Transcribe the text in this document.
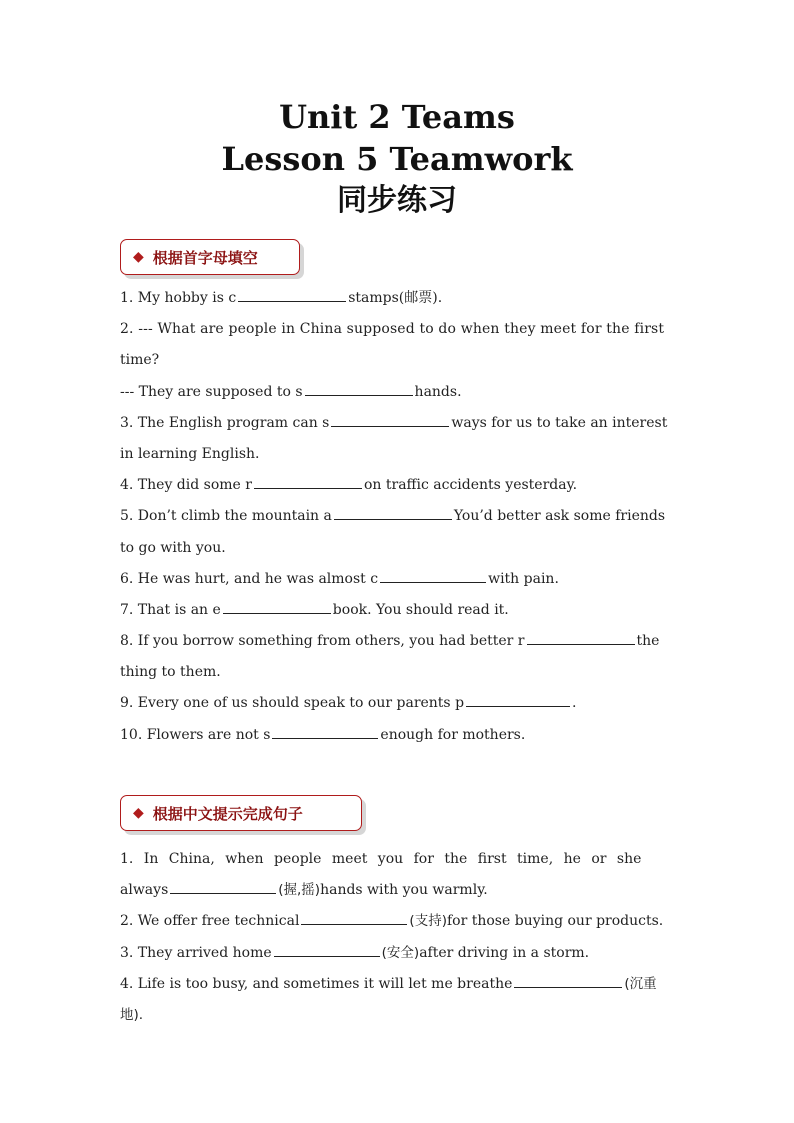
Unit 2 Teams
Lesson 5 Teamwork
同步练习
◆ 根据首字母填空
1. My hobby is c	stamps(邮票).
2. --- What are people in China supposed to do when they meet for the first
time?
--- They are supposed to s	hands.
3. The English program can s	ways for us to take an interest
in learning English.
4. They did some r	on traffic accidents yesterday.
5. Don’t climb the mountain a	You’d better ask some friends
to go with you.
6. He was hurt, and he was almost c	with pain.
7. That is an e	book. You should read it.
8. If you borrow something from others, you had better r	the
thing to them.
9. Every one of us should speak to our parents p	.
10. Flowers are not s	enough for mothers.
◆ 根据中文提示完成句子
1. In China, when people meet you for the first time, he or she
always	(握,摇) hands with you warmly.
2. We offer free technical	(支持) for those buying our products.
3. They arrived home	(安全) after driving in a storm.
4. Life is too busy, and sometimes it will let me breathe	(沉重
地).
